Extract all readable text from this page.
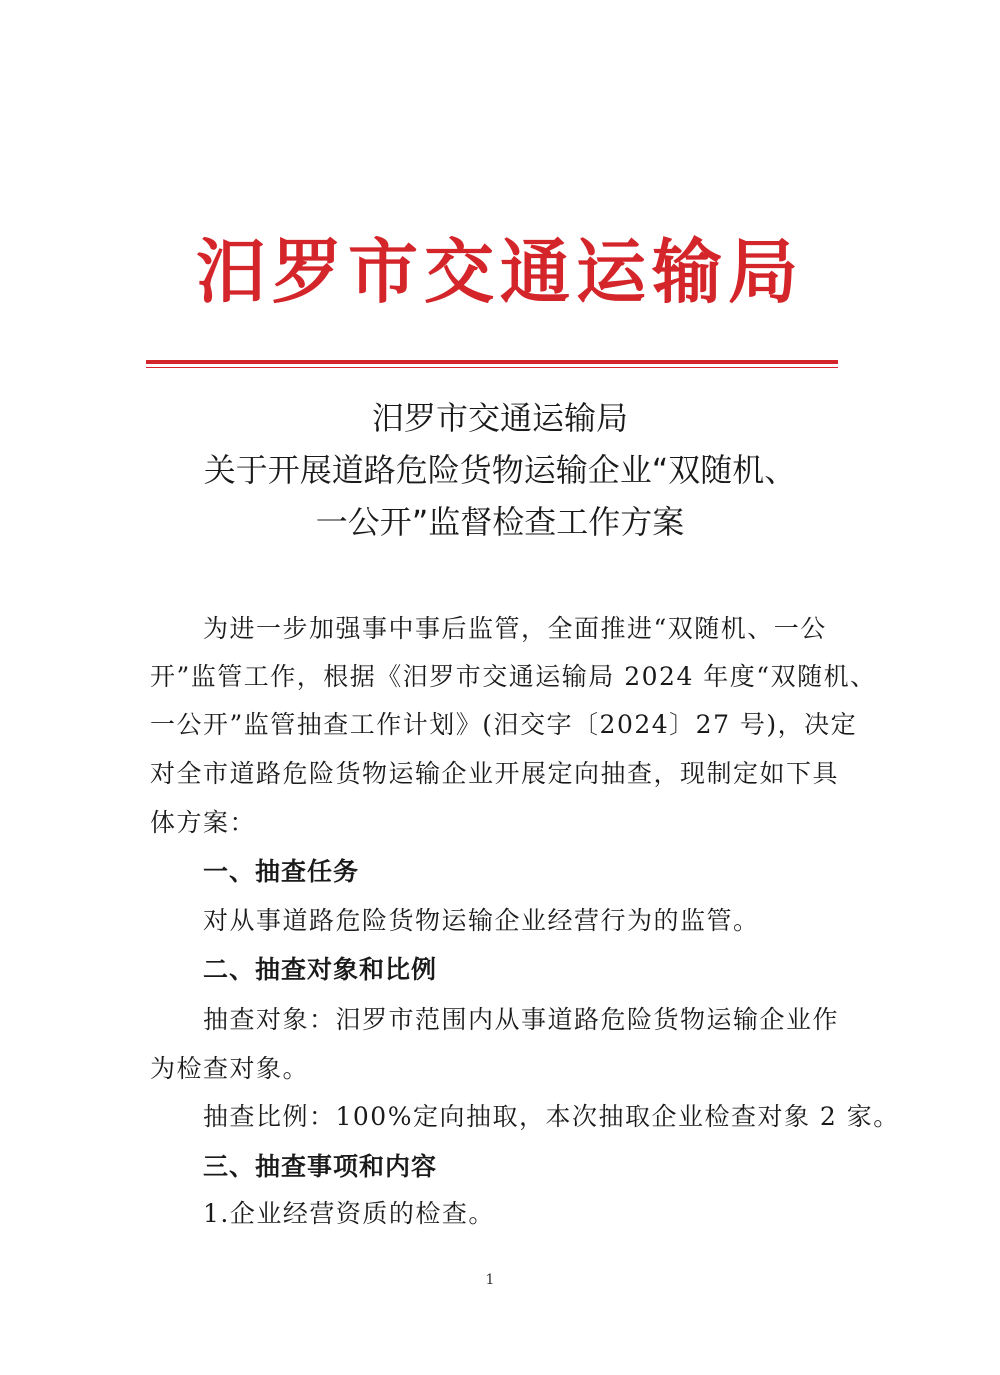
汨罗市交通运输局
汨罗市交通运输局
关于开展道路危险货物运输企业“双随机、
一公开”监督检查工作方案
为进一步加强事中事后监管，全面推进“双随机、一公
开”监管工作，根据《汨罗市交通运输局 2024 年度“双随机、
一公开”监管抽查工作计划》(汨交字〔2024〕27 号)，决定
对全市道路危险货物运输企业开展定向抽查，现制定如下具
体方案：
一、抽查任务
对从事道路危险货物运输企业经营行为的监管。
二、抽查对象和比例
抽查对象：汨罗市范围内从事道路危险货物运输企业作
为检查对象。
抽查比例：100%定向抽取，本次抽取企业检查对象 2 家。
三、抽查事项和内容
1.企业经营资质的检查。
1
